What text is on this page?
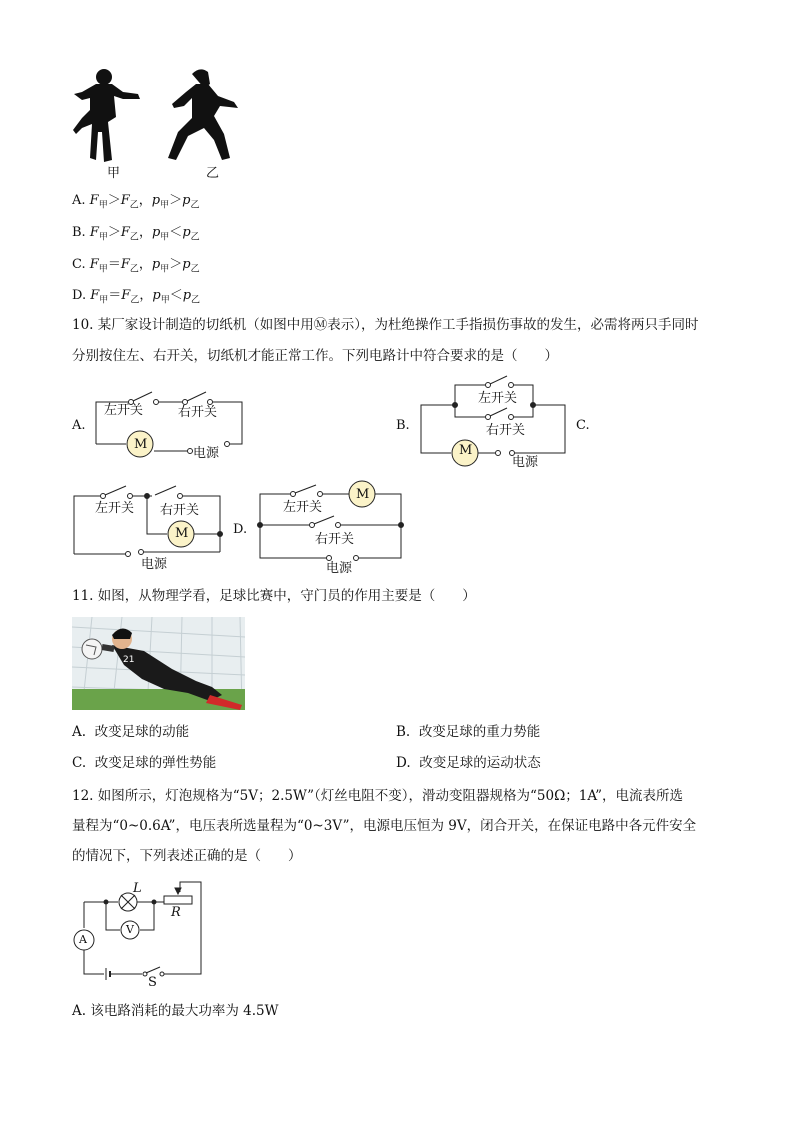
甲	乙
A. $F_甲>F_乙$，$p_甲>p_乙$
B. $F_甲>F_乙$，$p_甲<p_乙$
C. $F_甲=F_乙$，$p_甲>p_乙$
D. $F_甲=F_乙$，$p_甲<p_乙$
10. 某厂家设计制造的切纸机（如图中用Ⓜ表示），为杜绝操作工手指损伤事故的发生，必需将两只手同时
分别按住左、右开关，切纸机才能正常工作。下列电路计中符合要求的是（　　）
A.	B.	C.
D.
M
左开关	右开关
电源	M
左开关
右开关
电源
M
左开关 右开关
电源
M
左开关
右开关
电源
11. 如图，从物理学看，足球比赛中，守门员的作用主要是（　　）
21
A. 改变足球的动能	B. 改变足球的重力势能
C. 改变足球的弹性势能	D. 改变足球的运动状态
12. 如图所示，灯泡规格为“5V；2.5W”（灯丝电阻不变），滑动变阻器规格为“50Ω；1A”，电流表所选
量程为“0~0.6A”，电压表所选量程为“0~3V”，电源电压恒为 9V，闭合开关，在保证电路中各元件安全
的情况下，下列表述正确的是（　　）
L
R
A
V
S
A. 该电路消耗的最大功率为 4.5W
